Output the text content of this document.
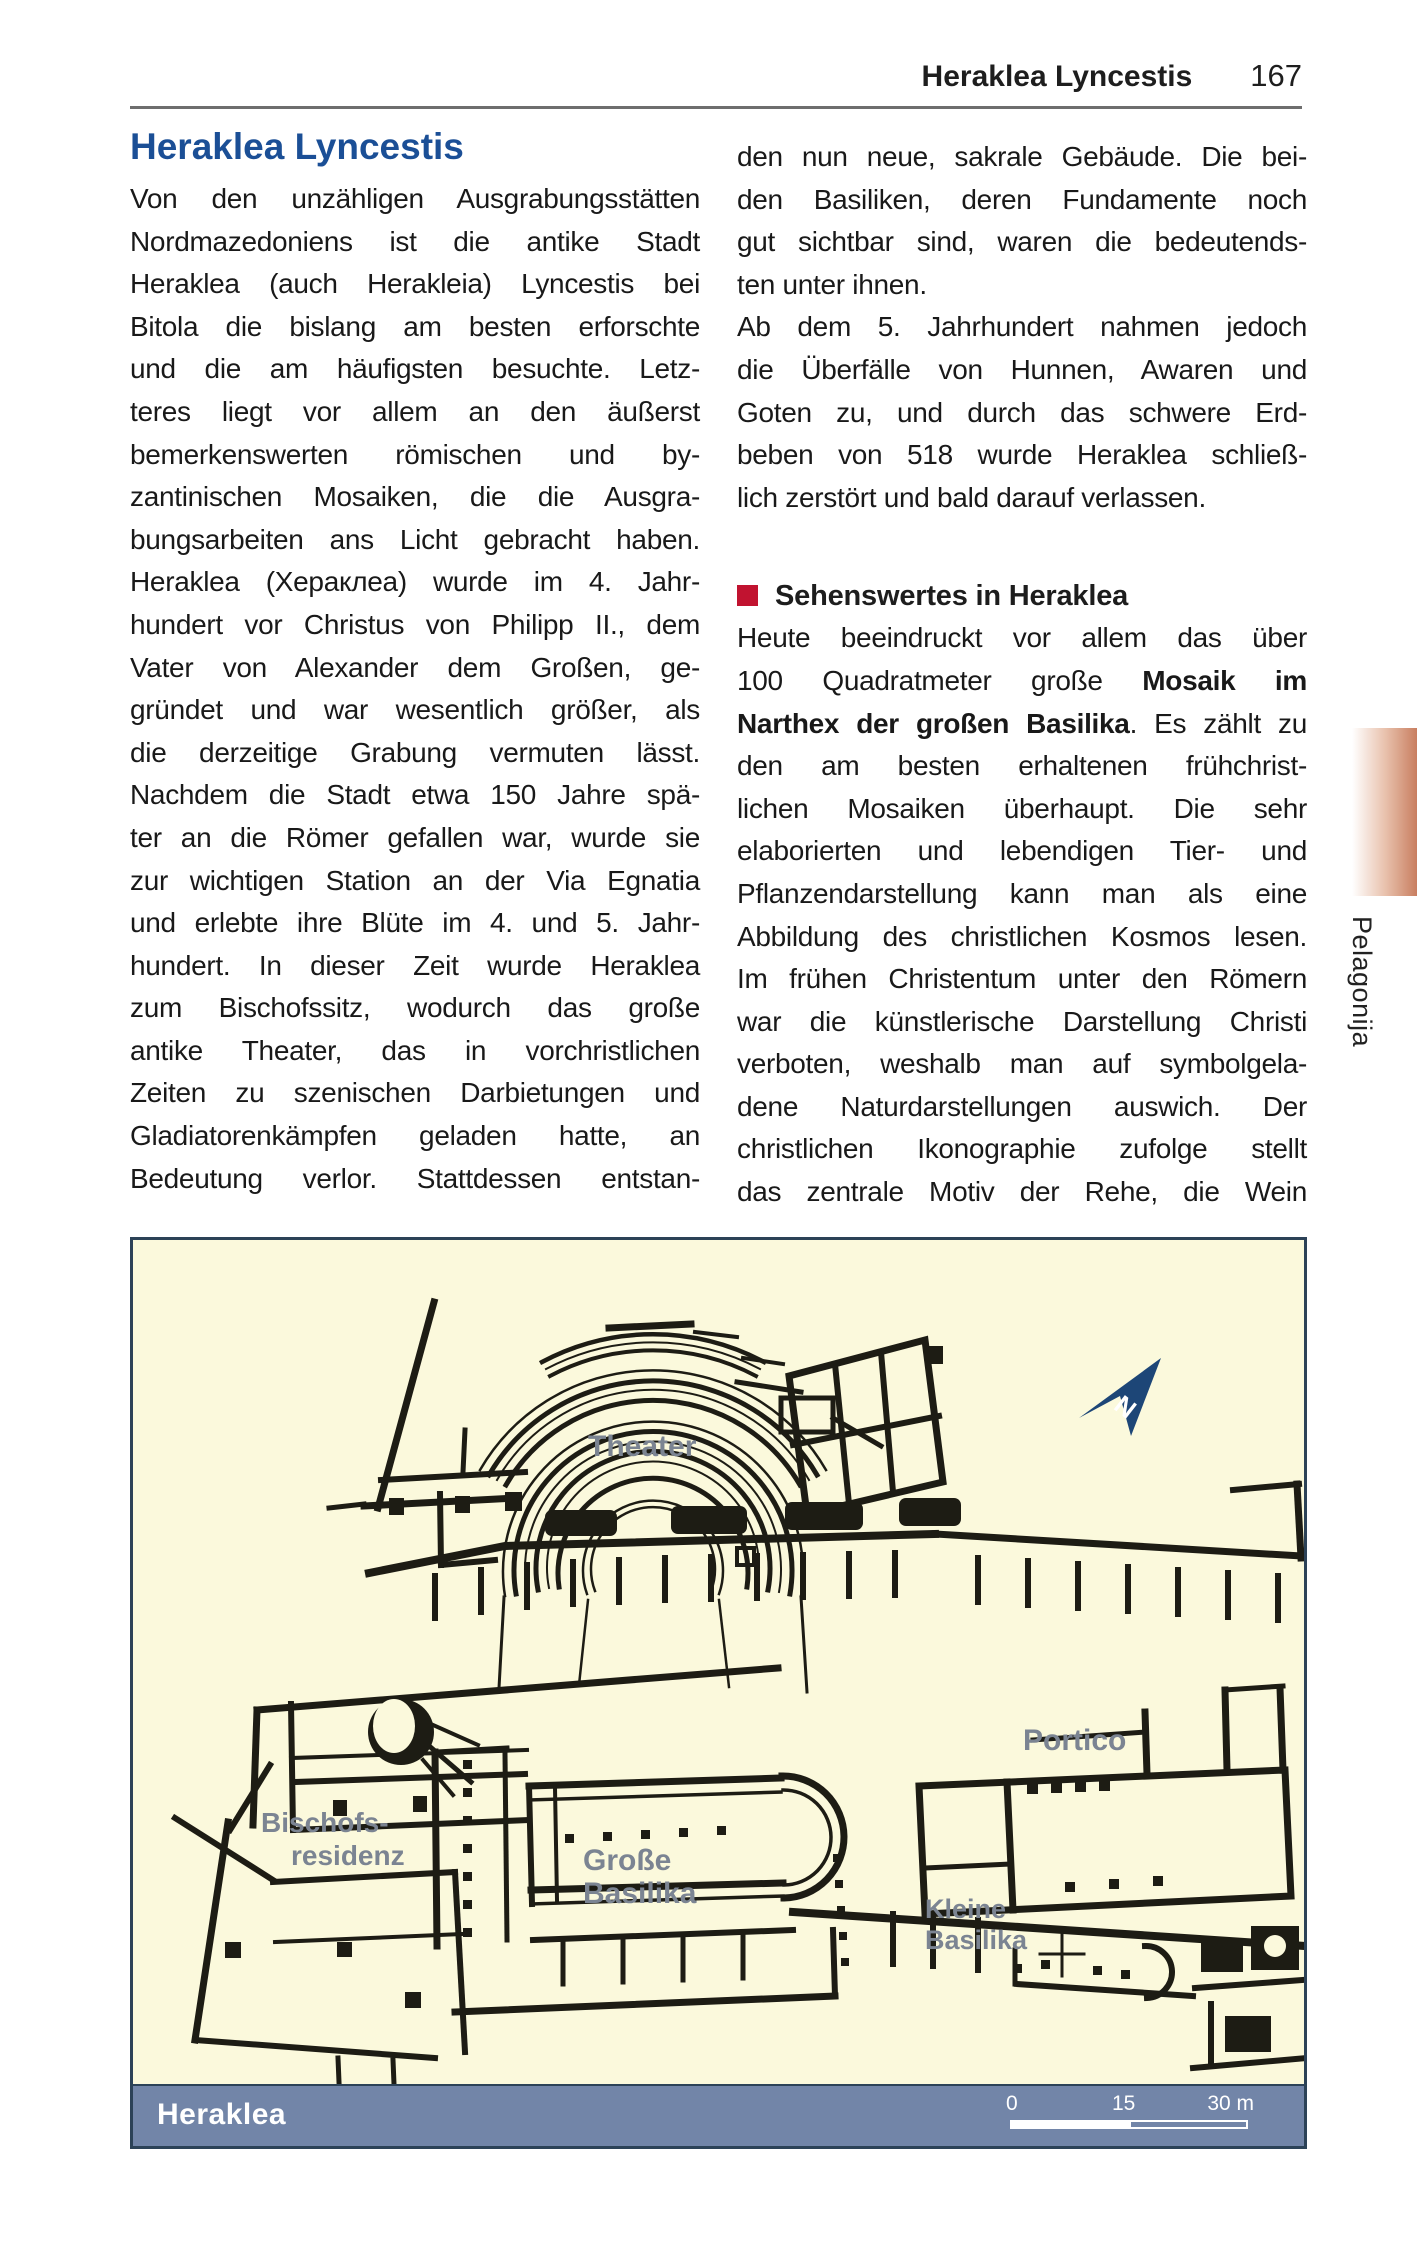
Heraklea Lyncestis 167
Heraklea Lyncestis
Von den unzähligen Ausgrabungsstätten
Nordmazedoniens ist die antike Stadt
Heraklea (auch Herakleia) Lyncestis bei
Bitola die bislang am besten erforschte
und die am häufigsten besuchte. Letz-
teres liegt vor allem an den äußerst
bemerkenswerten römischen und by-
zantinischen Mosaiken, die die Ausgra-
bungsarbeiten ans Licht gebracht haben.
Heraklea (Хераклеа) wurde im 4. Jahr-
hundert vor Christus von Philipp II., dem
Vater von Alexander dem Großen, ge-
gründet und war wesentlich größer, als
die derzeitige Grabung vermuten lässt.
Nachdem die Stadt etwa 150 Jahre spä-
ter an die Römer gefallen war, wurde sie
zur wichtigen Station an der Via Egnatia
und erlebte ihre Blüte im 4. und 5. Jahr-
hundert. In dieser Zeit wurde Heraklea
zum Bischofssitz, wodurch das große
antike Theater, das in vorchristlichen
Zeiten zu szenischen Darbietungen und
Gladiatorenkämpfen geladen hatte, an
Bedeutung verlor. Stattdessen entstan-
den nun neue, sakrale Gebäude. Die bei-
den Basiliken, deren Fundamente noch
gut sichtbar sind, waren die bedeutends-
ten unter ihnen.
Ab dem 5. Jahrhundert nahmen jedoch
die Überfälle von Hunnen, Awaren und
Goten zu, und durch das schwere Erd-
beben von 518 wurde Heraklea schließ-
lich zerstört und bald darauf verlassen.
Sehenswertes in Heraklea
Heute beeindruckt vor allem das über
100 Quadratmeter große Mosaik im
Narthex der großen Basilika. Es zählt zu
den am besten erhaltenen frühchrist-
lichen Mosaiken überhaupt. Die sehr
elaborierten und lebendigen Tier- und
Pflanzendarstellung kann man als eine
Abbildung des christlichen Kosmos lesen.
Im frühen Christentum unter den Römern
war die künstlerische Darstellung Christi
verboten, weshalb man auf symbolgela-
dene Naturdarstellungen auswich. Der
christlichen Ikonographie zufolge stellt
das zentrale Motiv der Rehe, die Wein
Pelagonija
N
Theater
Bischofs-
residenz	Große
Basilika
Portico
Kleine
Basilika
Heraklea	0	15	30 m
